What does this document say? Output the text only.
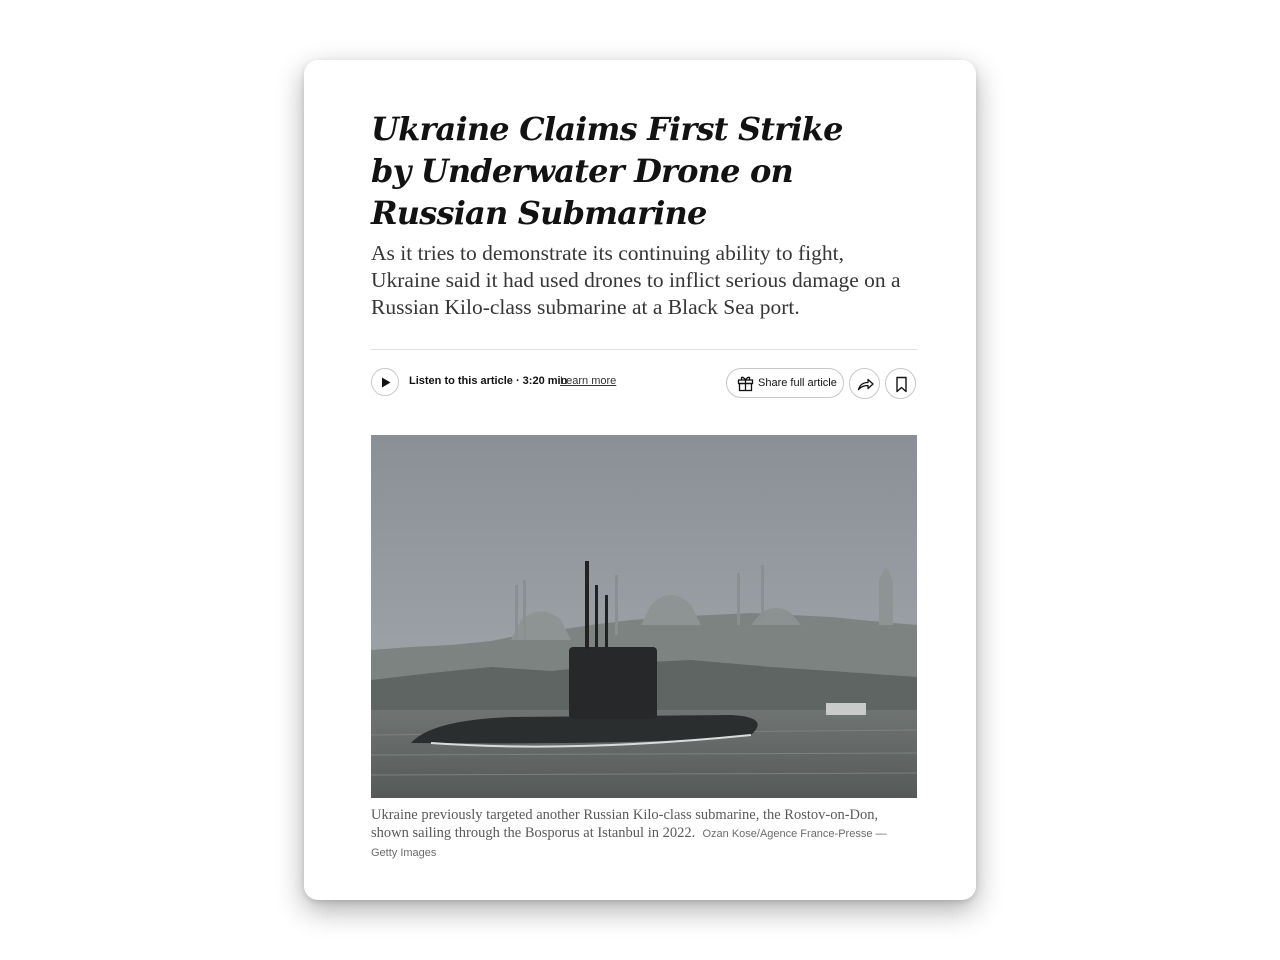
Ukraine Claims First Strike by Underwater Drone on Russian Submarine

As it tries to demonstrate its continuing ability to fight, Ukraine said it had used drones to inflict serious damage on a Russian Kilo-class submarine at a Black Sea port.

Listen to this article · 3:20 min
Learn more	Share full article

Ukraine previously targeted another Russian Kilo-class submarine, the Rostov-on-Don, shown sailing through the Bosporus at Istanbul in 2022. Ozan Kose/Agence France-Presse — Getty Images
